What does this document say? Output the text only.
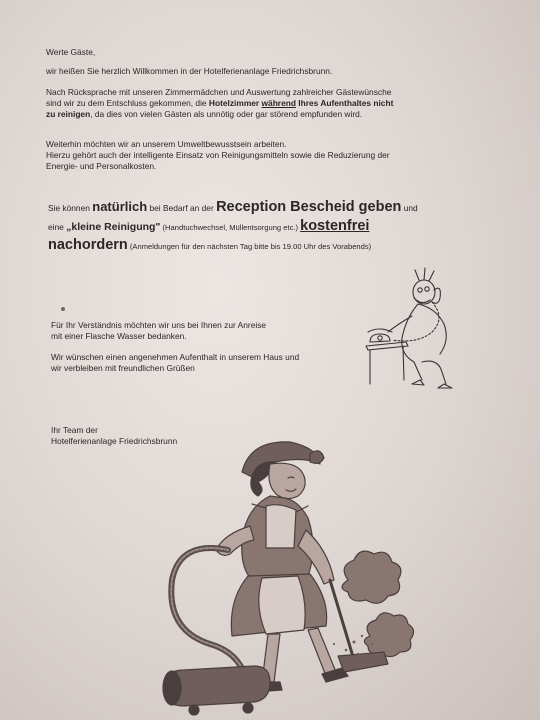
Werte Gäste,
wir heißen Sie herzlich Willkommen in der Hotelferienanlage Friedrichsbrunn.
Nach Rücksprache mit unseren Zimmermädchen und Auswertung zahlreicher Gästewünsche
sind wir zu dem Entschluss gekommen, die Hotelzimmer während Ihres Aufenthaltes nicht
zu reinigen, da dies von vielen Gästen als unnötig oder gar störend empfunden wird.
Weiterhin möchten wir an unserem Umweltbewusstsein arbeiten.
Hierzu gehört auch der intelligente Einsatz von Reinigungsmitteln sowie die Reduzierung der
Energie- und Personalkosten.
Sie können natürlich bei Bedarf an der Reception Bescheid geben und
eine „kleine Reinigung" (Handtuchwechsel, Müllentsorgung etc.) kostenfrei
nachordern (Anmeldungen für den nächsten Tag bitte bis 19.00 Uhr des Vorabends)
Für Ihr Verständnis möchten wir uns bei Ihnen zur Anreise
mit einer Flasche Wasser bedanken.
Wir wünschen einen angenehmen Aufenthalt in unserem Haus und
wir verbleiben mit freundlichen Grüßen
Ihr Team der
Hotelferienanlage Friedrichsbrunn
